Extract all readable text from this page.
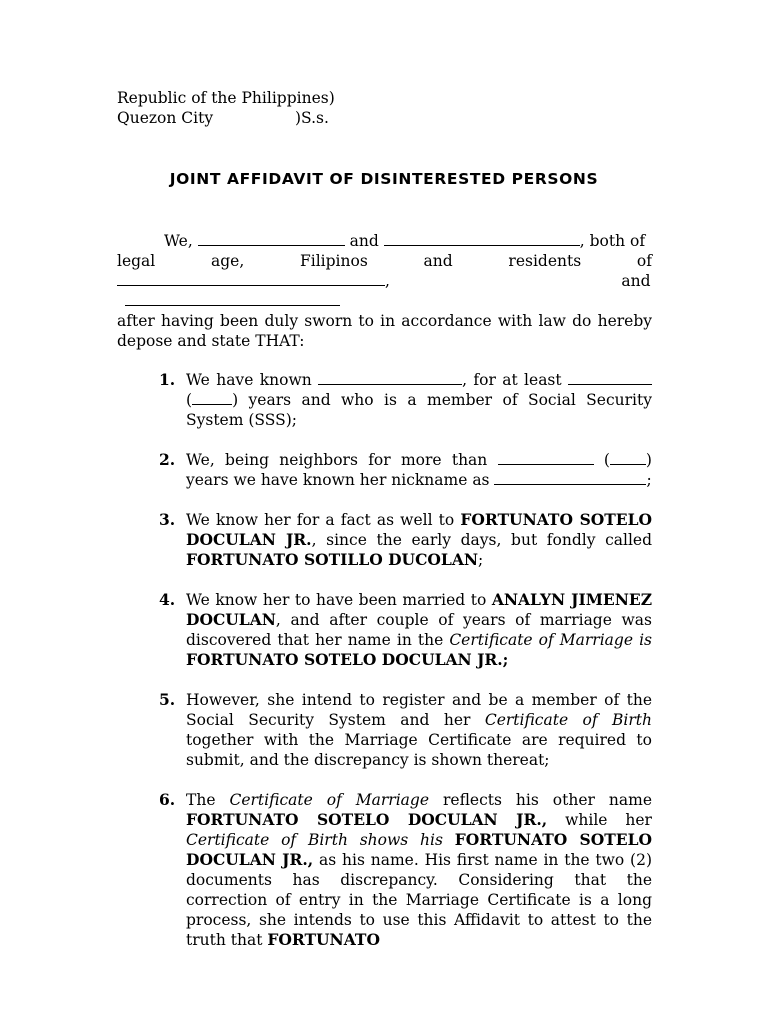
Republic of the Philippines)
Quezon City	)S.s.
JOINT AFFIDAVIT OF DISINTERESTED PERSONS
We,	and	, both of
legal	age,	Filipinos	and	residents	of
,	and
after having been duly sworn to in accordance with law do hereby depose and state THAT:
1. We have known	, for at least  (	) years and who is a member of Social Security System (SSS);
2. We, being neighbors for more than	( ) years we have known her nickname as	;
3. We know her for a fact as well to FORTUNATO SOTELO DOCULAN JR., since the early days, but fondly called FORTUNATO SOTILLO DUCOLAN;
4. We know her to have been married to ANALYN JIMENEZ DOCULAN, and after couple of years of marriage was discovered that her name in the Certificate of Marriage is FORTUNATO SOTELO DOCULAN JR.;
5. However, she intend to register and be a member of the Social Security System and her Certificate of Birth together with the Marriage Certificate are required to submit, and the discrepancy is shown thereat;
6. The Certificate of Marriage reflects his other name FORTUNATO SOTELO DOCULAN JR., while her Certificate of Birth shows his FORTUNATO SOTELO DOCULAN JR., as his name. His first name in the two (2) documents has discrepancy. Considering that the correction of entry in the Marriage Certificate is a long process, she intends to use this Affidavit to attest to the truth that FORTUNATO
